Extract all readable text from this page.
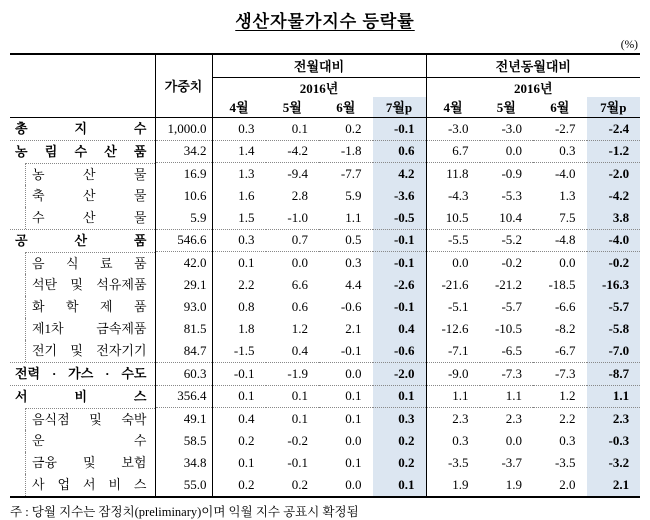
생산자물가지수 등락률
(%)
	가중치	전월대비				전년동월대비			
		2016년				2016년			
		4월	5월	6월	7월p	4월	5월	6월	7월p

총 지 수	1,000.0	0.3	0.1	0.2	-0.1	-3.0	-3.0	-2.7	-2.4

농 림 수 산 품	34.2	1.4	-4.2	-1.8	0.6	6.7	0.0	0.3	-1.2

농 산 물	16.9	1.3	-9.4	-7.7	4.2	11.8	-0.9	-4.0	-2.0

축 산 물	10.6	1.6	2.8	5.9	-3.6	-4.3	-5.3	1.3	-4.2

수 산 물	5.9	1.5	-1.0	1.1	-0.5	10.5	10.4	7.5	3.8

공 산 품	546.6	0.3	0.7	0.5	-0.1	-5.5	-5.2	-4.8	-4.0

음 식 료 품	42.0	0.1	0.0	0.3	-0.1	0.0	-0.2	0.0	-0.2

석탄 및 석유제품	29.1	2.2	6.6	4.4	-2.6	-21.6	-21.2	-18.5	-16.3

화 학 제 품	93.0	0.8	0.6	-0.6	-0.1	-5.1	-5.7	-6.6	-5.7

제1차 금속제품	81.5	1.8	1.2	2.1	0.4	-12.6	-10.5	-8.2	-5.8

전기 및 전자기기	84.7	-1.5	0.4	-0.1	-0.6	-7.1	-6.5	-6.7	-7.0

전력 · 가스 · 수도	60.3	-0.1	-1.9	0.0	-2.0	-9.0	-7.3	-7.3	-8.7

서 비 스	356.4	0.1	0.1	0.1	0.1	1.1	1.1	1.2	1.1

음식점 및 숙박	49.1	0.4	0.1	0.1	0.3	2.3	2.3	2.2	2.3

운 수	58.5	0.2	-0.2	0.0	0.2	0.3	0.0	0.3	-0.3

금융 및 보험	34.8	0.1	-0.1	0.1	0.2	-3.5	-3.7	-3.5	-3.2

사 업 서 비 스	55.0	0.2	0.2	0.0	0.1	1.9	1.9	2.0	2.1
주 : 당월 지수는 잠정치(preliminary)이며 익월 지수 공표시 확정됨
